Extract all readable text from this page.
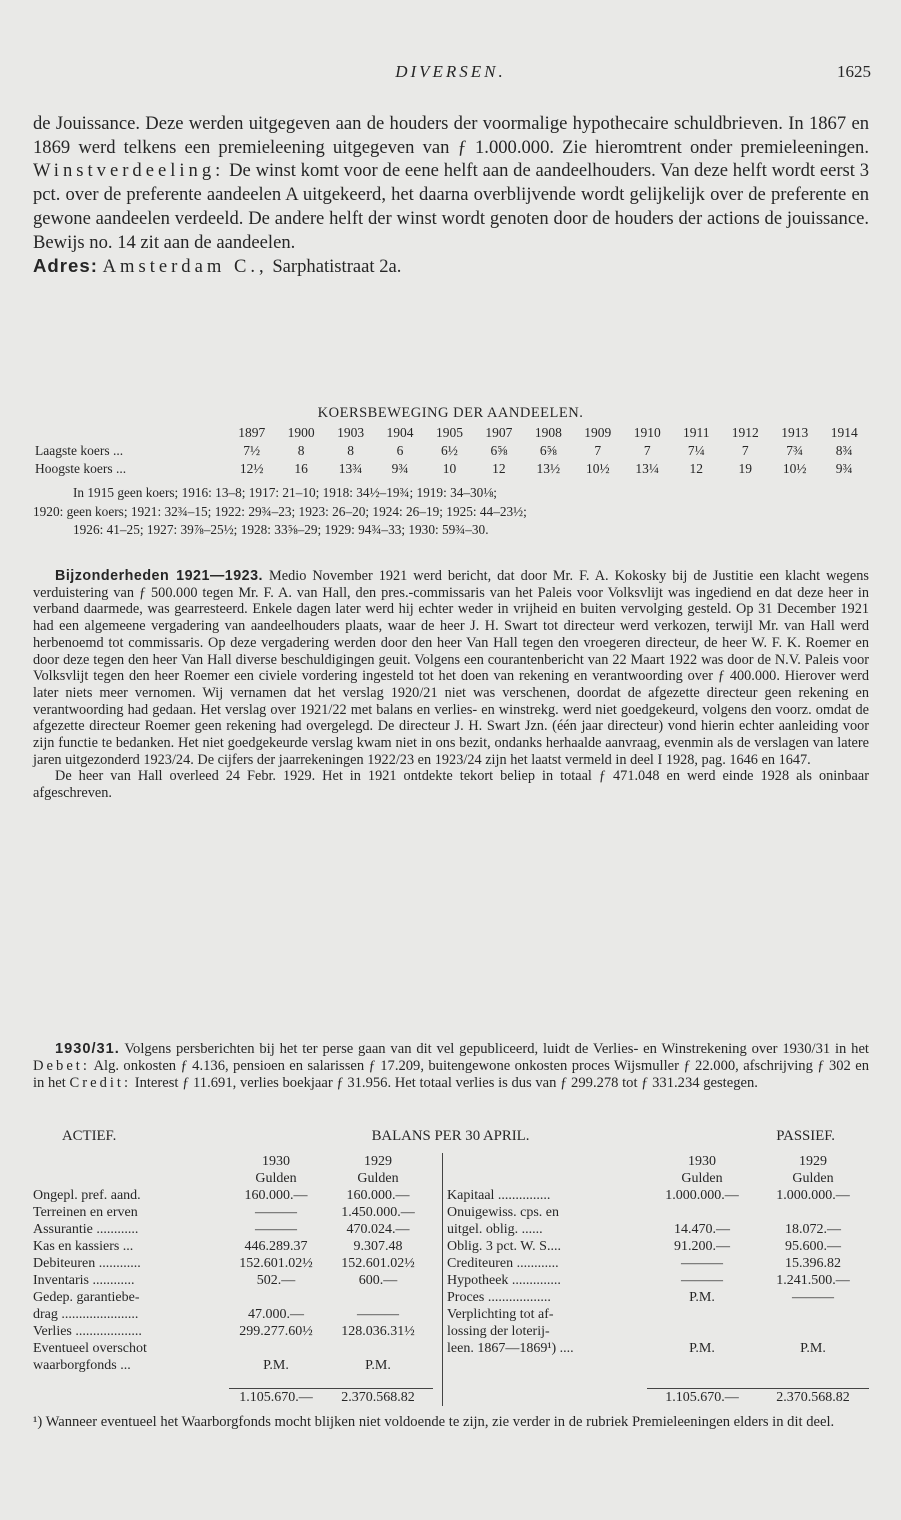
DIVERSEN.	1625
de Jouissance. Deze werden uitgegeven aan de houders der voormalige hypothecaire schuldbrieven. In 1867 en 1869 werd telkens een premieleening uitgegeven van ƒ 1.000.000. Zie hieromtrent onder premieleeningen. Winstverdeeling: De winst komt voor de eene helft aan de aandeelhouders. Van deze helft wordt eerst 3 pct. over de preferente aandeelen A uitgekeerd, het daarna overblijvende wordt gelijkelijk over de preferente en gewone aandeelen verdeeld. De andere helft der winst wordt genoten door de houders der actions de jouissance. Bewijs no. 14 zit aan de aandeelen.
Adres: Amsterdam C., Sarphatistraat 2a.
KOERSBEWEGING DER AANDEELEN.
	1897	1900	1903	1904	1905	1907	1908	1909	1910	1911	1912	1913	1914
Laagste koers ...	7½	8	8	6	6½	6⅝	6⅝	7	7	7¼	7	7¾	8¾
Hoogste koers ...	12½	16	13¾	9¾	10	12	13½	10½	13¼	12	19	10½	9¾
In 1915 geen koers; 1916: 13–8; 1917: 21–10; 1918: 34½–19¾; 1919: 34–30⅛;
1920: geen koers; 1921: 32¾–15; 1922: 29¾–23; 1923: 26–20; 1924: 26–19; 1925: 44–23½;
1926: 41–25; 1927: 39⅞–25½; 1928: 33⅝–29; 1929: 94¾–33; 1930: 59¾–30.
Bijzonderheden 1921—1923. Medio November 1921 werd bericht, dat door Mr. F. A. Kokosky bij de Justitie een klacht wegens verduistering van ƒ 500.000 tegen Mr. F. A. van Hall, den pres.-commissaris van het Paleis voor Volksvlijt was ingediend en dat deze heer in verband daarmede, was gearresteerd. Enkele dagen later werd hij echter weder in vrijheid en buiten vervolging gesteld. Op 31 December 1921 had een algemeene vergadering van aandeelhouders plaats, waar de heer J. H. Swart tot directeur werd verkozen, terwijl Mr. van Hall werd herbenoemd tot commissaris. Op deze vergadering werden door den heer Van Hall tegen den vroegeren directeur, de heer W. F. K. Roemer en door deze tegen den heer Van Hall diverse beschuldigingen geuit. Volgens een courantenbericht van 22 Maart 1922 was door de N.V. Paleis voor Volksvlijt tegen den heer Roemer een civiele vordering ingesteld tot het doen van rekening en verantwoording over ƒ 400.000. Hierover werd later niets meer vernomen. Wij vernamen dat het verslag 1920/21 niet was verschenen, doordat de afgezette directeur geen rekening en verantwoording had gedaan. Het verslag over 1921/22 met balans en verlies- en winstrekg. werd niet goedgekeurd, volgens den voorz. omdat de afgezette directeur Roemer geen rekening had overgelegd. De directeur J. H. Swart Jzn. (één jaar directeur) vond hierin echter aanleiding voor zijn functie te bedanken. Het niet goedgekeurde verslag kwam niet in ons bezit, ondanks herhaalde aanvraag, evenmin als de verslagen van latere jaren uitgezonderd 1923/24. De cijfers der jaarrekeningen 1922/23 en 1923/24 zijn het laatst vermeld in deel I 1928, pag. 1646 en 1647.
De heer van Hall overleed 24 Febr. 1929. Het in 1921 ontdekte tekort beliep in totaal ƒ 471.048 en werd einde 1928 als oninbaar afgeschreven.
1930/31. Volgens persberichten bij het ter perse gaan van dit vel gepubliceerd, luidt de Verlies- en Winstrekening over 1930/31 in het Debet: Alg. onkosten ƒ 4.136, pensioen en salarissen ƒ 17.209, buitengewone onkosten proces Wijsmuller ƒ 22.000, afschrijving ƒ 302 en in het Credit: Interest ƒ 11.691, verlies boekjaar ƒ 31.956. Het totaal verlies is dus van ƒ 299.278 tot ƒ 331.234 gestegen.
ACTIEF.	BALANS PER 30 APRIL.	PASSIEF.
	1930	1929			1930	1929
	Gulden	Gulden			Gulden	Gulden
Ongepl. pref. aand.	160.000.—	160.000.—		Kapitaal ...............	1.000.000.—	1.000.000.—
Terreinen en erven	———	1.450.000.—		Onuigewiss. cps. en		
Assurantie ............	———	470.024.—		uitgel. oblig. ......	14.470.—	18.072.—
Kas en kassiers ...	446.289.37	9.307.48		Oblig. 3 pct. W. S....	91.200.—	95.600.—
Debiteuren ............	152.601.02½	152.601.02½		Crediteuren ............	———	15.396.82
Inventaris ............	502.—	600.—		Hypotheek ..............	———	1.241.500.—
Gedep. garantiebe-				Proces ..................	P.M.	———
drag ......................	47.000.—	———		Verplichting tot af-		
Verlies ...................	299.277.60½	128.036.31½		lossing der loterij-		
Eventueel overschot				leen. 1867—1869¹) ....	P.M.	P.M.
waarborgfonds ...	P.M.	P.M.				

	1.105.670.—	2.370.568.82			1.105.670.—	2.370.568.82
¹) Wanneer eventueel het Waarborgfonds mocht blijken niet voldoende te zijn, zie verder in de rubriek Premieleeningen elders in dit deel.
